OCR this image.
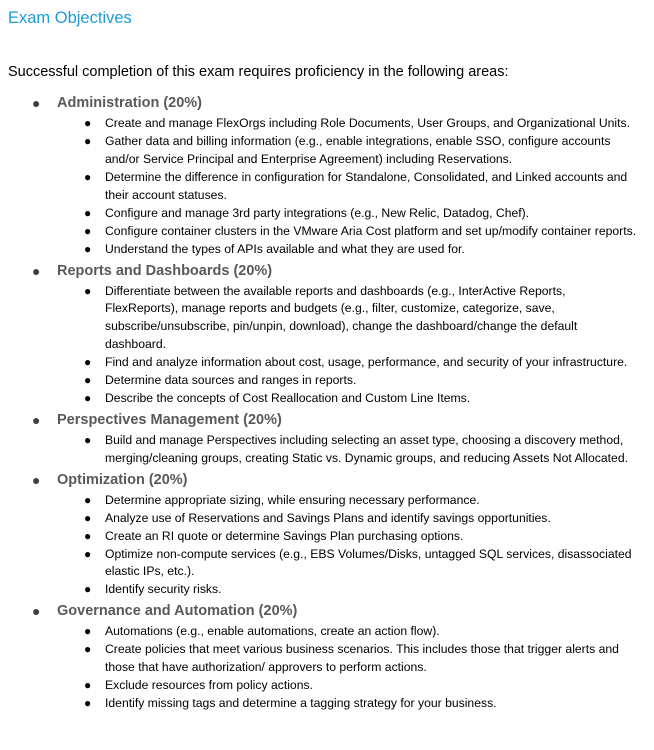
Exam Objectives

Successful completion of this exam requires proficiency in the following areas:

● Administration (20%)
● Create and manage FlexOrgs including Role Documents, User Groups, and Organizational Units.
● Gather data and billing information (e.g., enable integrations, enable SSO, configure accounts and/or Service Principal and Enterprise Agreement) including Reservations.
● Determine the difference in configuration for Standalone, Consolidated, and Linked accounts and their account statuses.
● Configure and manage 3rd party integrations (e.g., New Relic, Datadog, Chef).
● Configure container clusters in the VMware Aria Cost platform and set up/modify container reports.
● Understand the types of APIs available and what they are used for.
● Reports and Dashboards (20%)
● Differentiate between the available reports and dashboards (e.g., InterActive Reports, FlexReports), manage reports and budgets (e.g., filter, customize, categorize, save, subscribe/unsubscribe, pin/unpin, download), change the dashboard/change the default dashboard.
● Find and analyze information about cost, usage, performance, and security of your infrastructure.
● Determine data sources and ranges in reports.
● Describe the concepts of Cost Reallocation and Custom Line Items.
● Perspectives Management (20%)
● Build and manage Perspectives including selecting an asset type, choosing a discovery method, merging/cleaning groups, creating Static vs. Dynamic groups, and reducing Assets Not Allocated.
● Optimization (20%)
● Determine appropriate sizing, while ensuring necessary performance.
● Analyze use of Reservations and Savings Plans and identify savings opportunities.
● Create an RI quote or determine Savings Plan purchasing options.
● Optimize non-compute services (e.g., EBS Volumes/Disks, untagged SQL services, disassociated elastic IPs, etc.).
● Identify security risks.
● Governance and Automation (20%)
● Automations (e.g., enable automations, create an action flow).
● Create policies that meet various business scenarios. This includes those that trigger alerts and those that have authorization/ approvers to perform actions.
● Exclude resources from policy actions.
● Identify missing tags and determine a tagging strategy for your business.
